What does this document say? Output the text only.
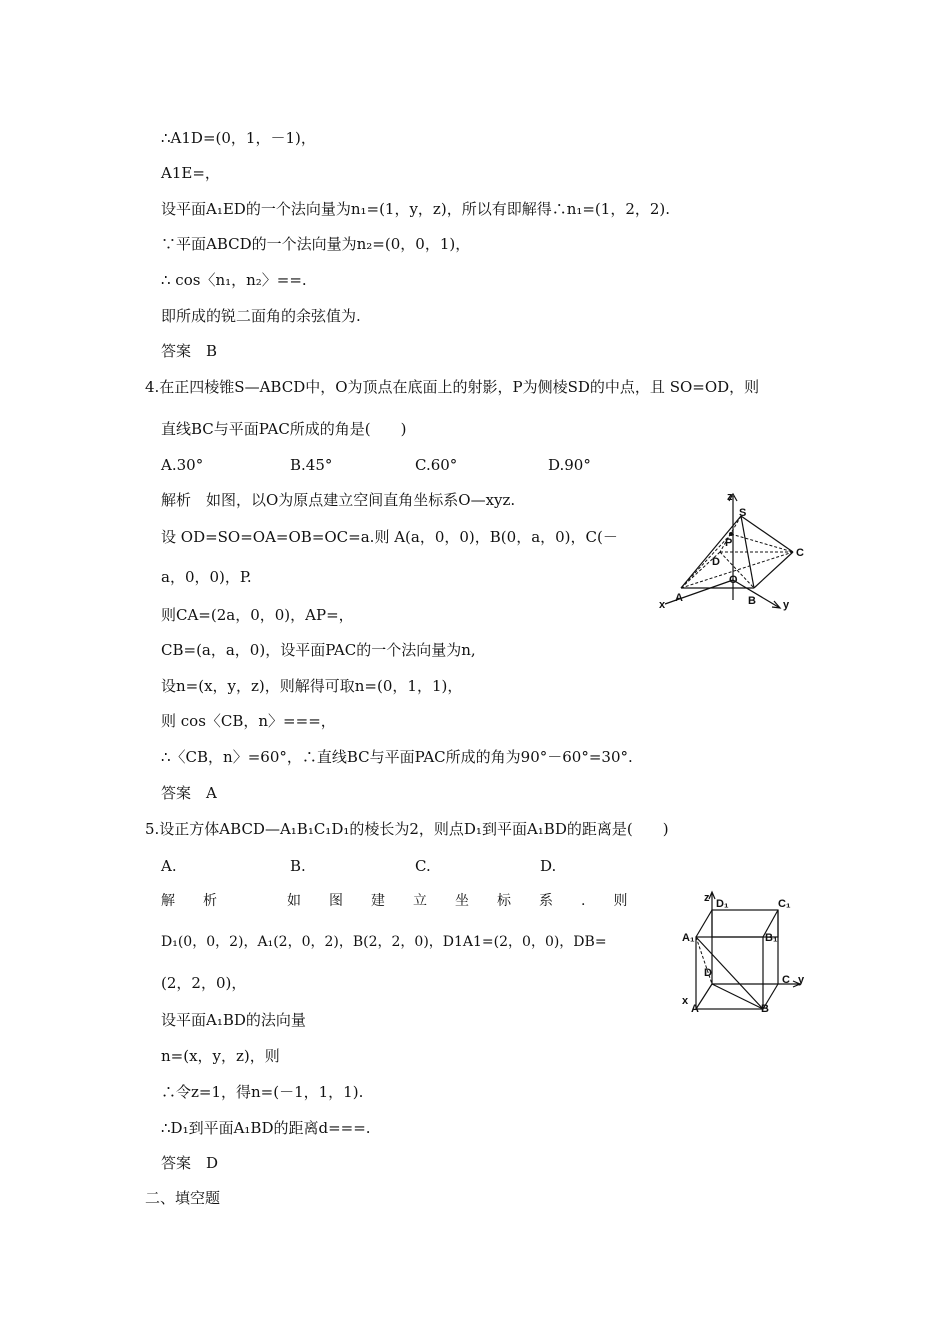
∴A1D=(0，1，－1)，
A1E=，
设平面A₁ED的一个法向量为n₁=(1，y，z)，所以有即解得∴n₁=(1，2，2).
∵平面ABCD的一个法向量为n₂=(0，0，1)，
∴ cos〈n₁，n₂〉==.
即所成的锐二面角的余弦值为.
答案　B
4.在正四棱锥S—ABCD中，O为顶点在底面上的射影，P为侧棱SD的中点，且 SO=OD，则
直线BC与平面PAC所成的角是(　　)
A.30°	B.45°	C.60°	D.90°
解析　如图，以O为原点建立空间直角坐标系O—xyz.
设 OD=SO=OA=OB=OC=a.则 A(a，0，0)，B(0，a，0)，C(－
a，0，0)，P.
则CA=(2a，0，0)，AP=，
CB=(a，a，0)，设平面PAC的一个法向量为n,
设n=(x，y，z)，则解得可取n=(0，1，1)，
则 cos〈CB，n〉===，
∴〈CB，n〉=60°，∴直线BC与平面PAC所成的角为90°－60°=30°.
答案　A
5.设正方体ABCD—A₁B₁C₁D₁的棱长为2，则点D₁到平面A₁BD的距离是(　　)
A.	B.	C.	D.
解　　析　　　　　如　　图　　建　　立　　坐　　标　　系　　.　　则
D₁(0，0，2)，A₁(2，0，2)，B(2，2，0)，D1A1=(2，0，0)，DB=
(2，2，0)，
设平面A₁BD的法向量
n=(x，y，z)，则
∴令z=1，得n=(－1，1，1).
∴D₁到平面A₁BD的距离d===.
答案　D
二、填空题
z
S
P
D
C
O
A	B
x	y
z D₁	C₁
A₁	B₁
D
C y
x
A	B
